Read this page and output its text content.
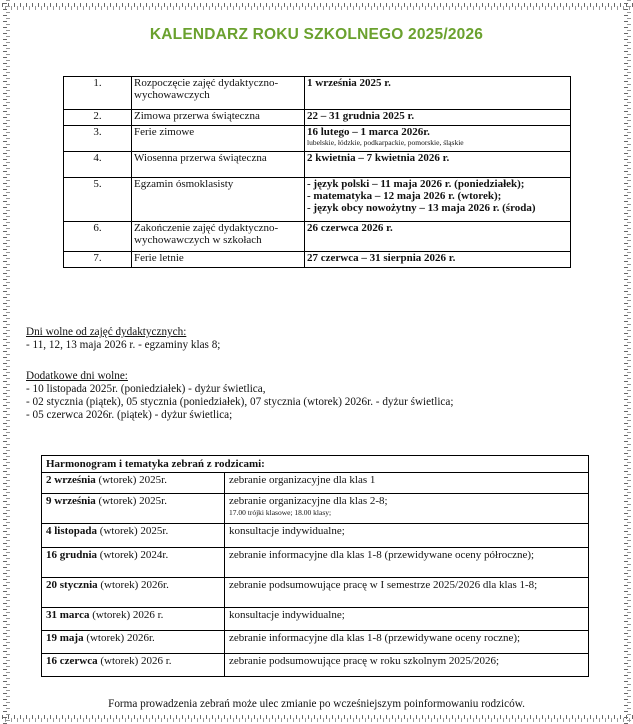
KALENDARZ ROKU SZKOLNEGO 2025/2026
1.	Rozpoczęcie zajęć dydaktyczno-wychowawczych	1 września 2025 r.
2.	Zimowa przerwa świąteczna	22 – 31 grudnia 2025 r.
3.	Ferie zimowe	16 lutego – 1 marca 2026r.
lubelskie, łódzkie, podkarpackie, pomorskie, śląskie

4.	Wiosenna przerwa świąteczna	2 kwietnia – 7 kwietnia 2026 r.
5.	Egzamin ósmoklasisty	- język polski – 11 maja 2026 r. (poniedziałek);
- matematyka – 12 maja 2026 r. (wtorek);
- język obcy nowożytny – 13 maja 2026 r. (środa)

6.	Zakończenie zajęć dydaktyczno-wychowawczych w szkołach	26 czerwca 2026 r.
7.	Ferie letnie	27 czerwca – 31 sierpnia 2026 r.
Dni wolne od zajęć dydaktycznych:
- 11, 12, 13 maja 2026 r. - egzaminy klas 8;
Dodatkowe dni wolne:
- 10 listopada 2025r. (poniedziałek) - dyżur świetlica,
- 02 stycznia (piątek), 05 stycznia (poniedziałek), 07 stycznia (wtorek) 2026r. - dyżur świetlica;
- 05 czerwca 2026r. (piątek) - dyżur świetlica;
Harmonogram i tematyka zebrań z rodzicami:	
2 września (wtorek) 2025r.	zebranie organizacyjne dla klas 1
9 września (wtorek) 2025r.	zebranie organizacyjne dla klas 2-8;
17.00 trójki klasowe; 18.00 klasy;

4 listopada (wtorek) 2025r.	konsultacje indywidualne;
16 grudnia (wtorek) 2024r.	zebranie informacyjne dla klas 1-8 (przewidywane oceny półroczne);
20 stycznia (wtorek) 2026r.	zebranie podsumowujące pracę w I semestrze 2025/2026 dla klas 1-8;
31 marca (wtorek) 2026 r.	konsultacje indywidualne;
19 maja (wtorek) 2026r.	zebranie informacyjne dla klas 1-8 (przewidywane oceny roczne);
16 czerwca (wtorek) 2026 r.	zebranie podsumowujące pracę w roku szkolnym 2025/2026;
Forma prowadzenia zebrań może ulec zmianie po wcześniejszym poinformowaniu rodziców.
